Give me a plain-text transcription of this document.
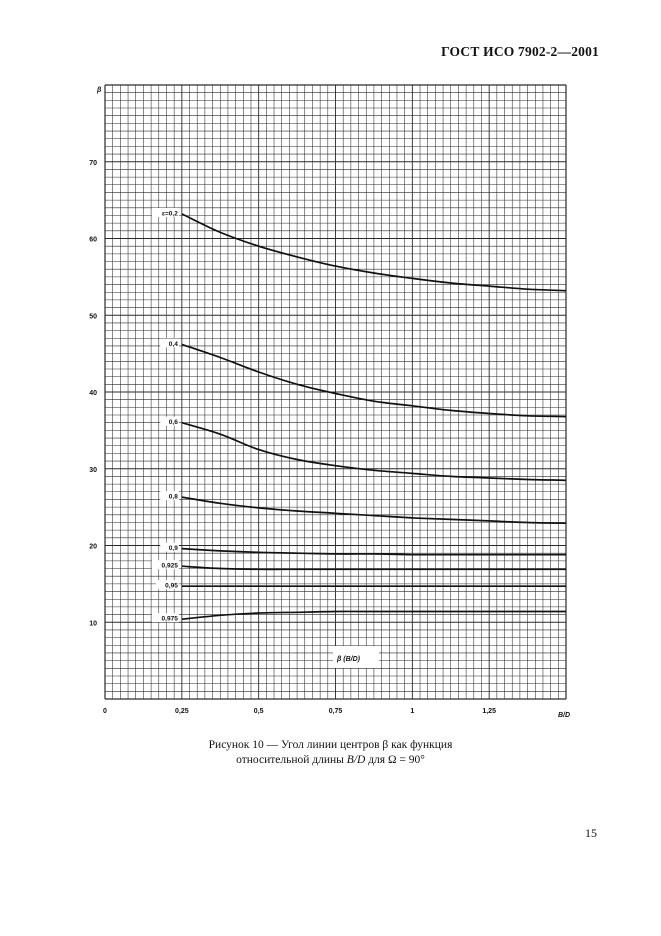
ГОСТ ИСО 7902-2—2001
0	0,25	0,5	0,75	1	1,25
10
20
30
40
50
60
70
ε=0,2
0,4
0,6
0,8
0,9
0,925
0,95
0,975
β
B/D
β (B/D)
Рисунок 10 — Угол линии центров β как функция
относительной длины B/D для Ω = 90°
15
